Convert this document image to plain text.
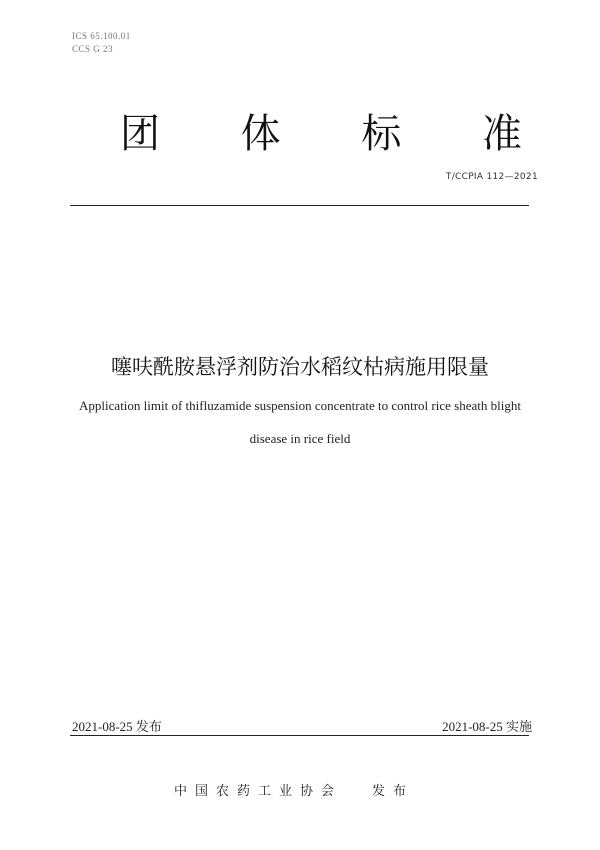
ICS 65.100.01
CCS G 23
团 体 标 准
T/CCPIA 112—2021
噻呋酰胺悬浮剂防治水稻纹枯病施用限量
Application limit of thifluzamide suspension concentrate to control rice sheath blight
disease in rice field
2021-08-25 发布	2021-08-25 实施
中国农药工业协会 发布
